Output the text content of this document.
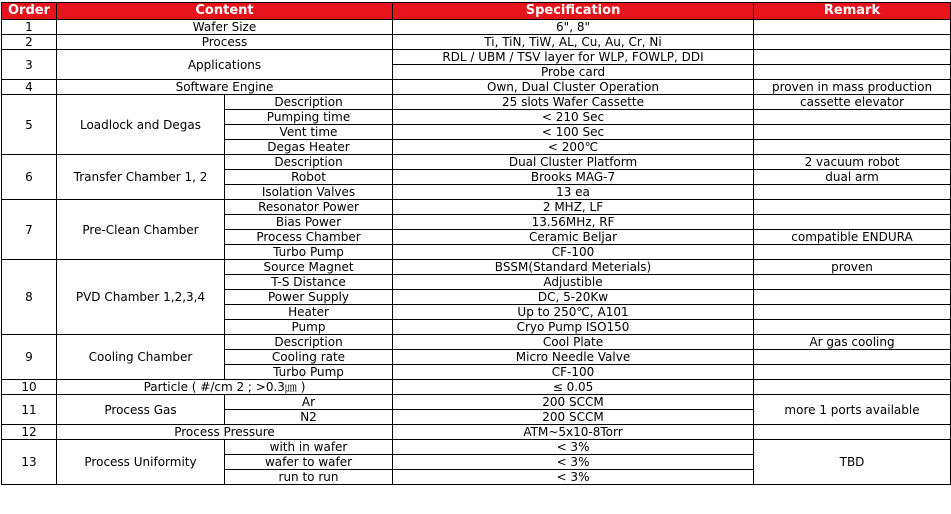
Order	Content		Specification	Remark
1	Wafer Size		6", 8"	
2	Process		Ti, TiN, TiW, AL, Cu, Au, Cr, Ni	
3	Applications		RDL / UBM / TSV layer for WLP, FOWLP, DDI	
			Probe card	
4	Software Engine		Own, Dual Cluster Operation	proven in mass production
5	Loadlock and Degas	Description	25 slots Wafer Cassette	cassette elevator
		Pumping time	< 210 Sec	
		Vent time	< 100 Sec	
		Degas Heater	< 200℃	
6	Transfer Chamber 1, 2	Description	Dual Cluster Platform	2 vacuum robot
		Robot	Brooks MAG-7	dual arm
		Isolation Valves	13 ea	
7	Pre-Clean Chamber	Resonator Power	2 MHZ, LF	
		Bias Power	13.56MHz, RF	
		Process Chamber	Ceramic Beljar	compatible ENDURA
		Turbo Pump	CF-100	
8	PVD Chamber 1,2,3,4	Source Magnet	BSSM(Standard Meterials)	proven
		T-S Distance	Adjustible	
		Power Supply	DC, 5-20Kw	
		Heater	Up to 250℃, A101	
		Pump	Cryo Pump ISO150	
9	Cooling Chamber	Description	Cool Plate	Ar gas cooling
		Cooling rate	Micro Needle Valve	
		Turbo Pump	CF-100	
10	Particle ( #/cm 2 ; >0.3㎛ )		≤ 0.05	
11	Process Gas	Ar	200 SCCM	more 1 ports available
		N2	200 SCCM	
12	Process Pressure		ATM~5x10-8Torr	
13	Process Uniformity	with in wafer	< 3%	TBD
		wafer to wafer	< 3%	
		run to run	< 3%	
